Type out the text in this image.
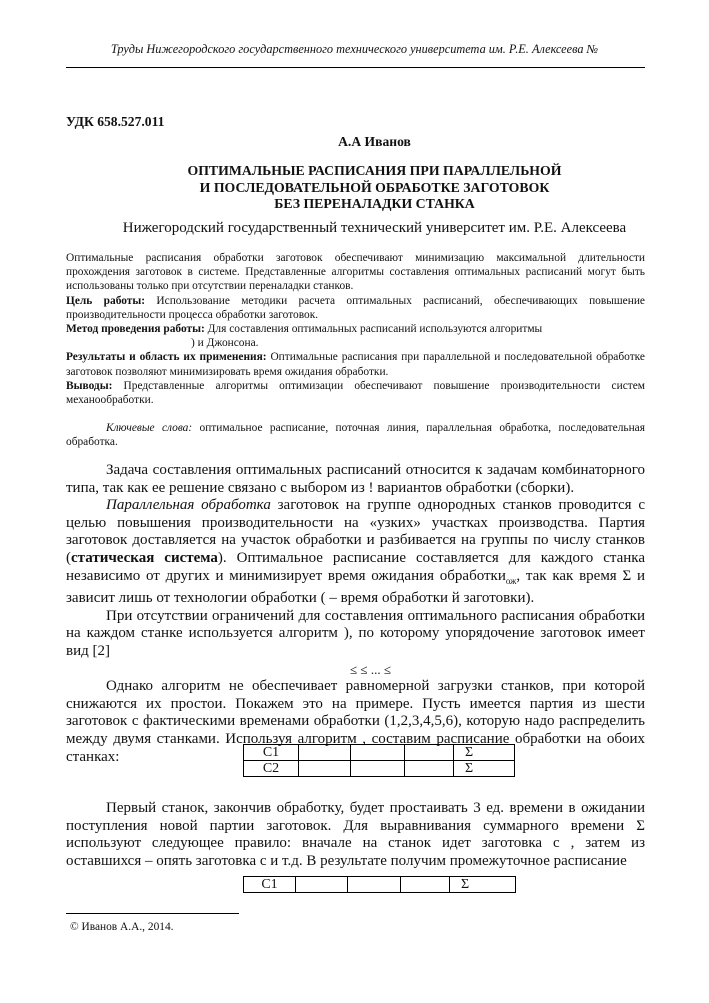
Труды Нижегородского государственного технического университета им. Р.Е. Алексеева №
УДК 658.527.011
А.А Иванов
ОПТИМАЛЬНЫЕ РАСПИСАНИЯ ПРИ ПАРАЛЛЕЛЬНОЙ
И ПОСЛЕДОВАТЕЛЬНОЙ ОБРАБОТКЕ ЗАГОТОВОК
БЕЗ ПЕРЕНАЛАДКИ СТАНКА
Нижегородский государственный технический университет им. Р.Е. Алексеева

Оптимальные расписания обработки заготовок обеспечивают минимизацию максимальной длительности прохождения заготовок в системе. Представленные алгоритмы составления оптимальных расписаний могут быть использованы только при отсутствии переналадки станков.

Цель работы: Использование методики расчета оптимальных расписаний, обеспечивающих повышение производительности процесса обработки заготовок.

Метод проведения работы: Для составления оптимальных расписаний используются алгоритмы

) и Джонсона.

Результаты и область их применения: Оптимальные расписания при параллельной и последовательной обработке заготовок позволяют минимизировать время ожидания обработки.

Выводы: Представленные алгоритмы оптимизации обеспечивают повышение производительности систем механообработки.

Ключевые слова: оптимальное расписание, поточная линия, параллельная обработка, последовательная обработка.

Задача составления оптимальных расписаний относится к задачам комбинаторного типа, так как ее решение связано с выбором из ! вариантов обработки (сборки).

Параллельная обработка заготовок на группе однородных станков проводится с целью повышения производительности на «узких» участках производства. Партия заготовок доставляется на участок обработки и разбивается на группы по числу станков (статическая система). Оптимальное расписание составляется для каждого станка независимо от других и минимизирует время ожидания обработки$_{ож}$, так как время Σ и зависит лишь от технологии обработки ( – время обработки й заготовки).

При отсутствии ограничений для составления оптимального расписания обработки на каждом станке используется алгоритм ), по которому упорядочение заготовок имеет вид [2]

≤ ≤ ... ≤

Однако алгоритм не обеспечивает равномерной загрузки станков, при которой снижаются их простои. Покажем это на примере. Пусть имеется партия из шести заготовок с фактическими временами обработки (1,2,3,4,5,6), которую надо распределить между двумя станками. Используя алгоритм , составим расписание обработки на обоих станках:	С1				Σ
С2				Σ

Первый станок, закончив обработку, будет простаивать 3 ед. времени в ожидании поступления новой партии заготовок. Для выравнивания суммарного времени Σ используют следующее правило: вначале на станок идет заготовка с , затем из оставшихся – опять заготовка с и т.д. В результате получим промежуточное расписание

С1				Σ
© Иванов А.А., 2014.
